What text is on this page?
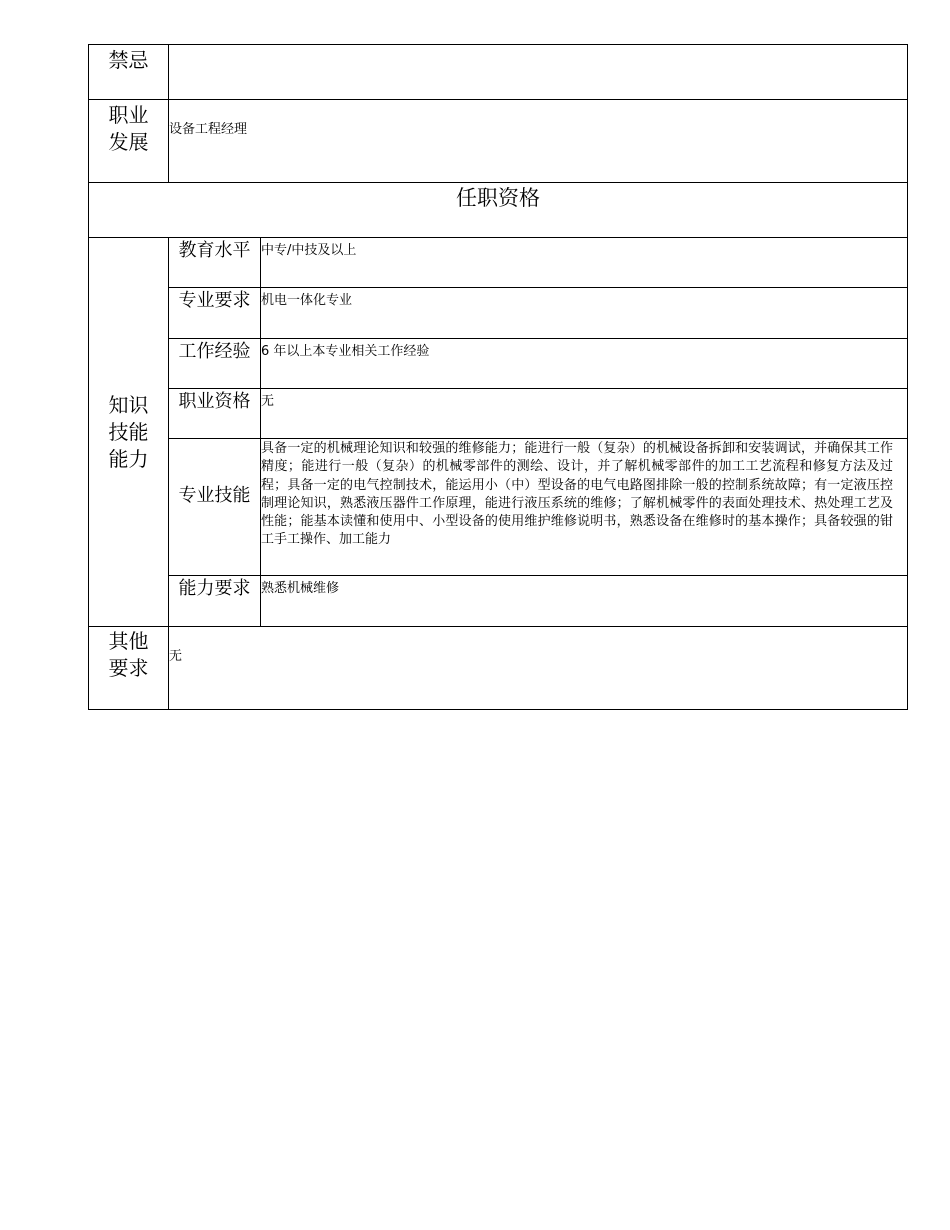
禁忌		

职业
发展	设备工程经理	

任职资格		

知识
技能
能力	教育水平	中专/中技及以上

	专业要求	机电一体化专业

	工作经验	6 年以上本专业相关工作经验

	职业资格	无

	专业技能	具备一定的机械理论知识和较强的维修能力；能进行一般（复杂）的机械设备拆卸和安装调试，并确保其工作精度；能进行一般（复杂）的机械零部件的测绘、设计，并了解机械零部件的加工工艺流程和修复方法及过程；具备一定的电气控制技术，能运用小（中）型设备的电气电路图排除一般的控制系统故障；有一定液压控制理论知识，熟悉液压器件工作原理，能进行液压系统的维修；了解机械零件的表面处理技术、热处理工艺及性能；能基本读懂和使用中、小型设备的使用维护维修说明书，熟悉设备在维修时的基本操作；具备较强的钳工手工操作、加工能力
	能力要求	熟悉机械维修

其他
要求	无	
